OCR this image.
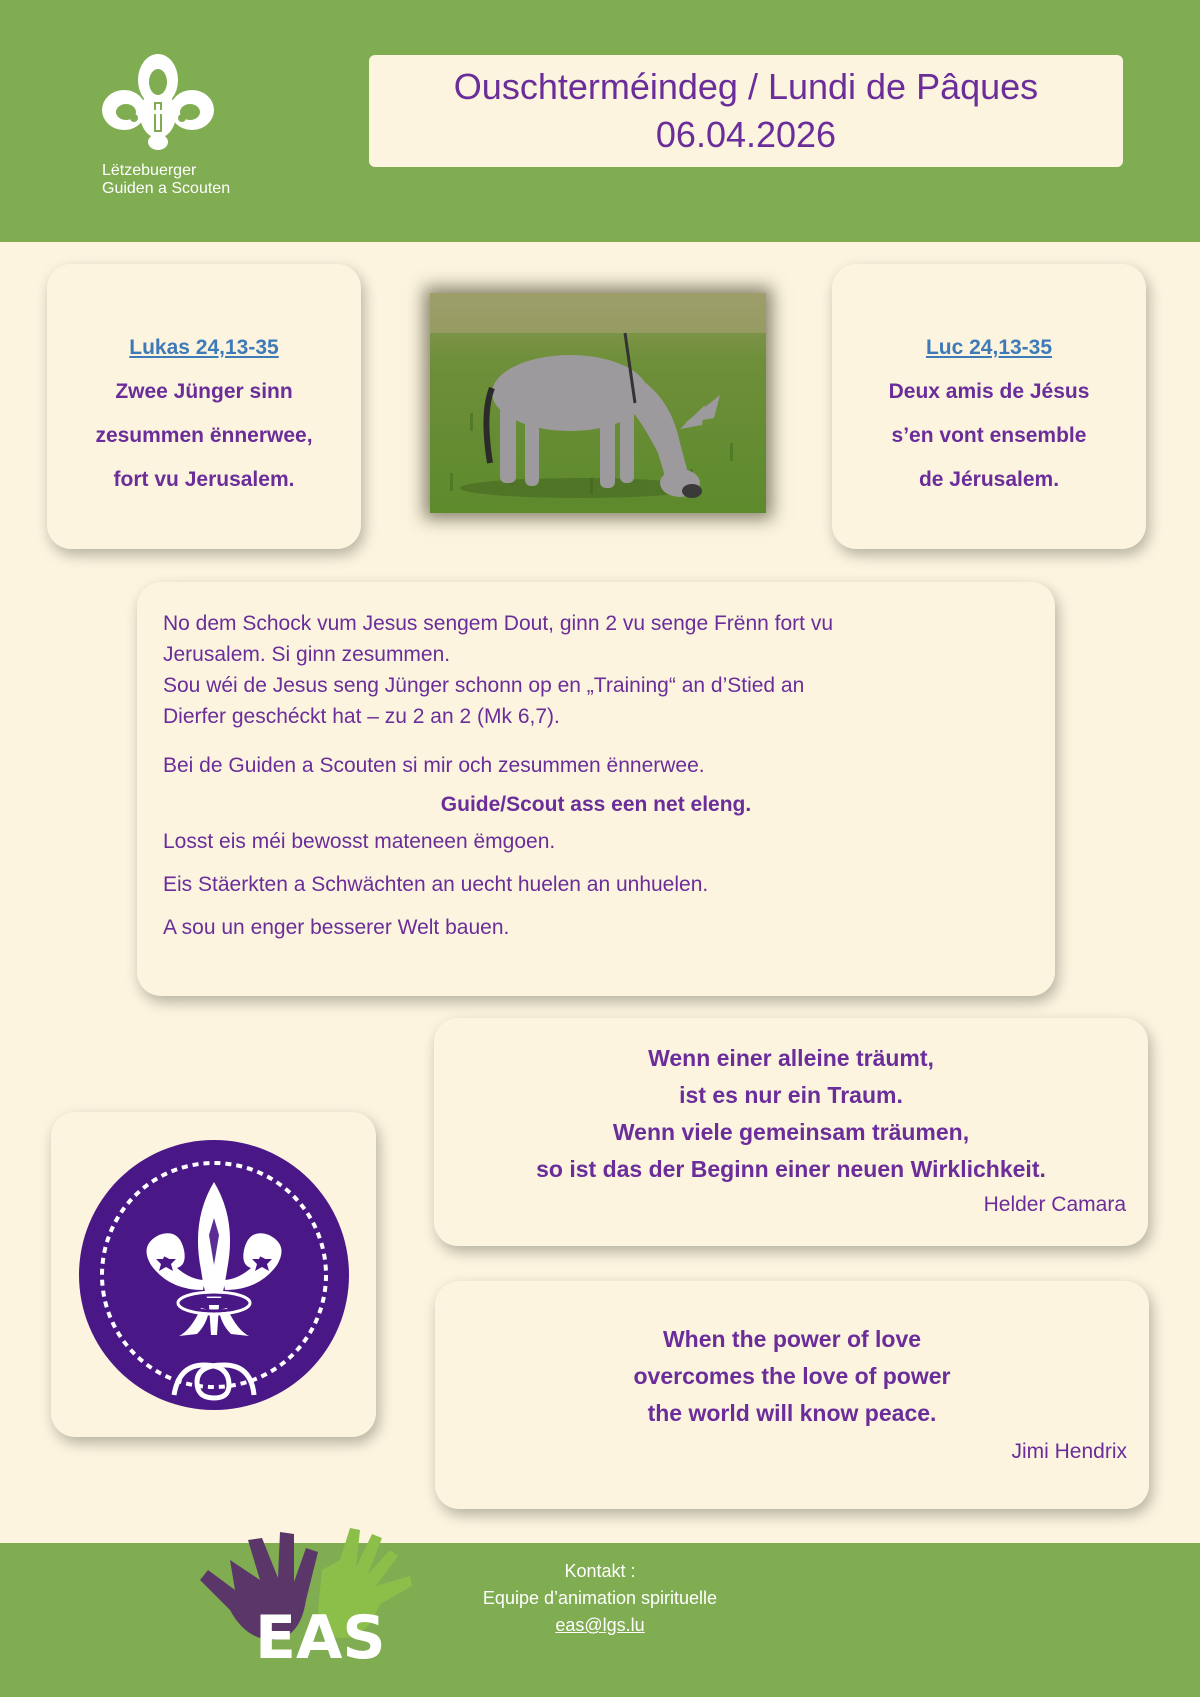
Lëtzebuerger
Guiden a Scouten
Ouschterméindeg / Lundi de Pâques
06.04.2026
Lukas 24,13-35
Zwee Jünger sinn
zesummen ënnerwee,
fort vu Jerusalem.
Luc 24,13-35
Deux amis de Jésus
s’en vont ensemble
de Jérusalem.

No dem Schock vum Jesus sengem Dout, ginn 2 vu senge Frënn fort vu

Jerusalem. Si ginn zesummen.

Sou wéi de Jesus seng Jünger schonn op en „Training“ an d’Stied an

Dierfer geschéckt hat – zu 2 an 2 (Mk 6,7).

Bei de Guiden a Scouten si mir och zesummen ënnerwee.

Guide/Scout ass een net eleng.

Losst eis méi bewosst mateneen ëmgoen.

Eis Stäerkten a Schwächten an uecht huelen an unhuelen.

A sou un enger besserer Welt bauen.

Wenn einer alleine träumt,
ist es nur ein Traum.
Wenn viele gemeinsam träumen,
so ist das der Beginn einer neuen Wirklichkeit.
Helder Camara
When the power of love
overcomes the love of power
the world will know peace.
Jimi Hendrix
EAS
Kontakt :
Equipe d’animation spirituelle
eas@lgs.lu
